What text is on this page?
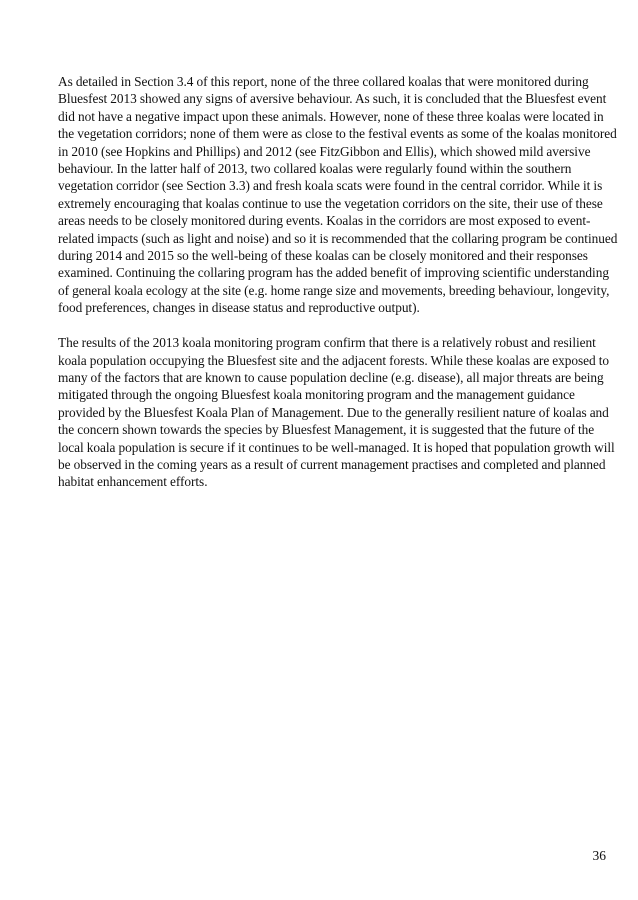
As detailed in Section 3.4 of this report, none of the three collared koalas that were monitored during
Bluesfest 2013 showed any signs of aversive behaviour. As such, it is concluded that the Bluesfest event
did not have a negative impact upon these animals. However, none of these three koalas were located in
the vegetation corridors; none of them were as close to the festival events as some of the koalas monitored
in 2010 (see Hopkins and Phillips) and 2012 (see FitzGibbon and Ellis), which showed mild aversive
behaviour. In the latter half of 2013, two collared koalas were regularly found within the southern
vegetation corridor (see Section 3.3) and fresh koala scats were found in the central corridor. While it is
extremely encouraging that koalas continue to use the vegetation corridors on the site, their use of these
areas needs to be closely monitored during events. Koalas in the corridors are most exposed to event-
related impacts (such as light and noise) and so it is recommended that the collaring program be continued
during 2014 and 2015 so the well-being of these koalas can be closely monitored and their responses
examined. Continuing the collaring program has the added benefit of improving scientific understanding
of general koala ecology at the site (e.g. home range size and movements, breeding behaviour, longevity,
food preferences, changes in disease status and reproductive output).

The results of the 2013 koala monitoring program confirm that there is a relatively robust and resilient
koala population occupying the Bluesfest site and the adjacent forests. While these koalas are exposed to
many of the factors that are known to cause population decline (e.g. disease), all major threats are being
mitigated through the ongoing Bluesfest koala monitoring program and the management guidance
provided by the Bluesfest Koala Plan of Management. Due to the generally resilient nature of koalas and
the concern shown towards the species by Bluesfest Management, it is suggested that the future of the
local koala population is secure if it continues to be well-managed. It is hoped that population growth will
be observed in the coming years as a result of current management practises and completed and planned
habitat enhancement efforts.

36
